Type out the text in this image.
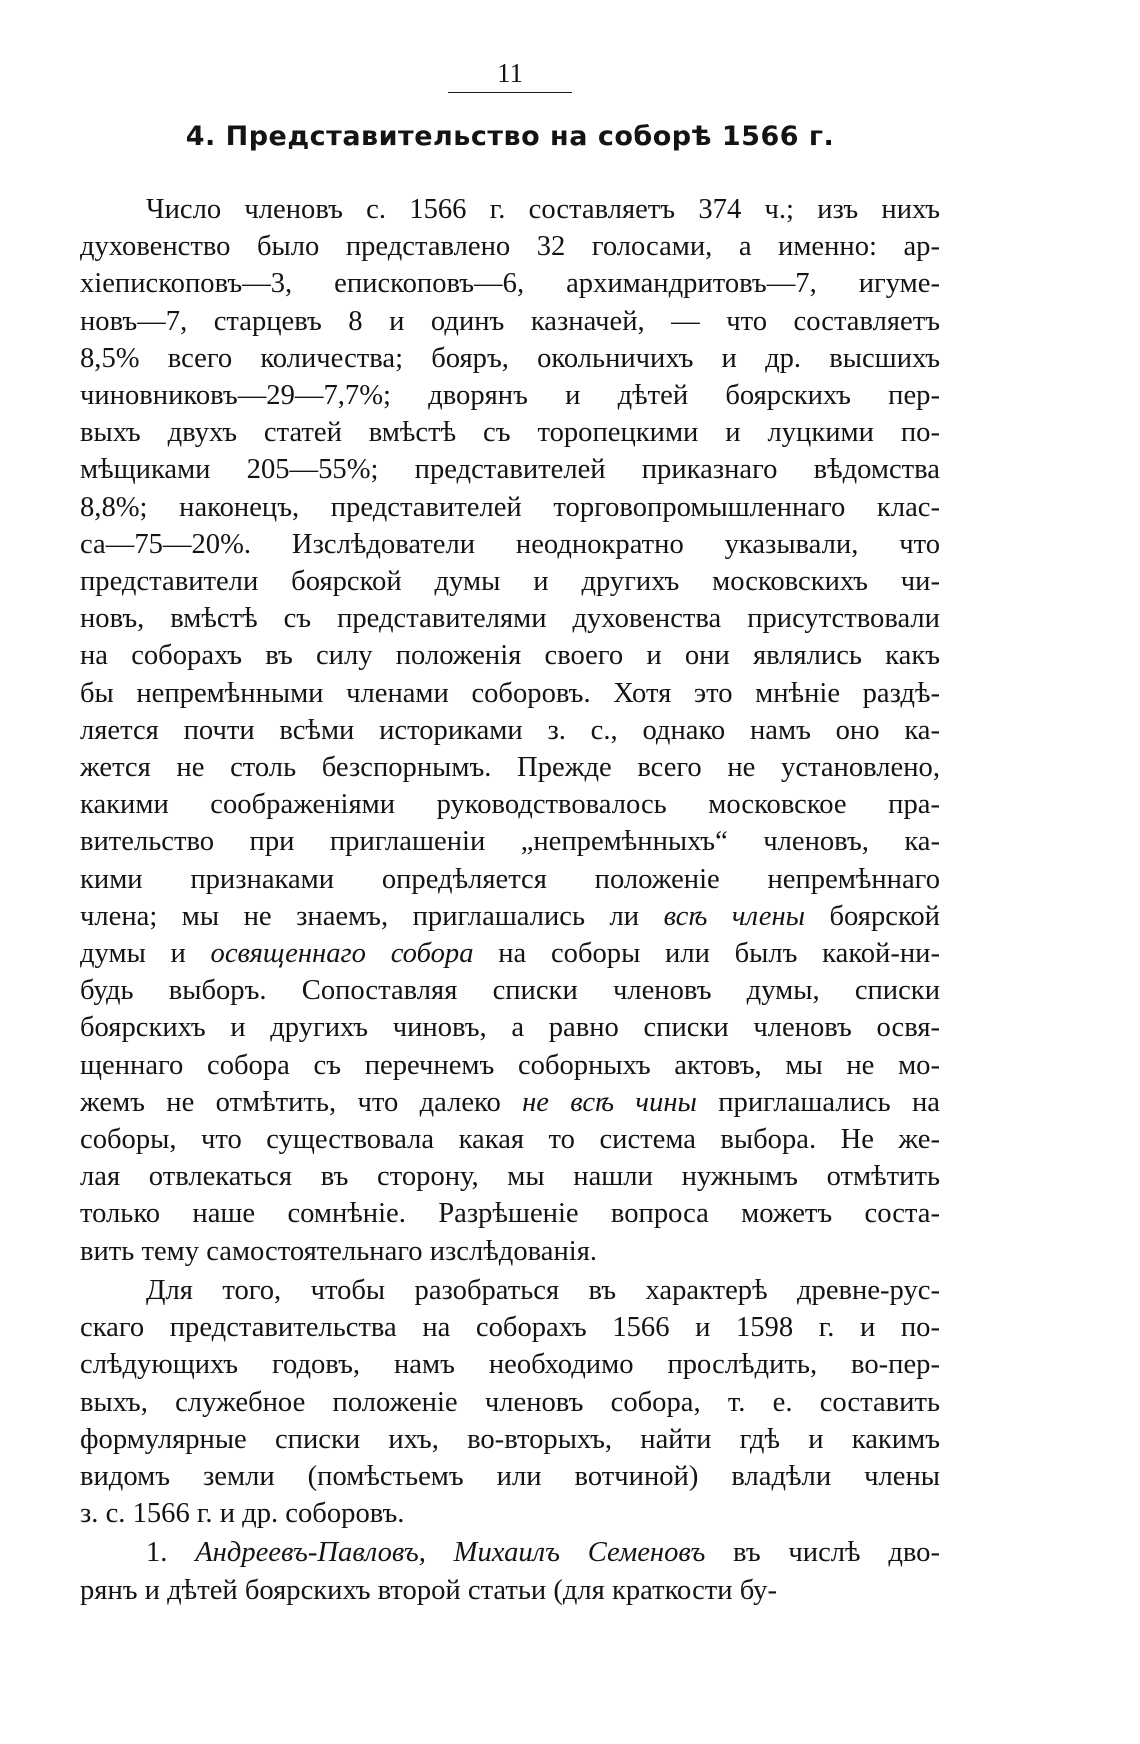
11
4. Представительство на соборѣ 1566 г.
Число членовъ с. 1566 г. составляетъ 374 ч.; изъ нихъ
духовенство было представлено 32 голосами, а именно: ар-
хіепископовъ—3, епископовъ—6, архимандритовъ—7, игуме-
новъ—7, старцевъ 8 и одинъ казначей, — что составляетъ
8,5% всего количества; бояръ, окольничихъ и др. высшихъ
чиновниковъ—29—7,7%; дворянъ и дѣтей боярскихъ пер-
выхъ двухъ статей вмѣстѣ съ торопецкими и луцкими по-
мѣщиками 205—55%; представителей приказнаго вѣдомства
8,8%; наконецъ, представителей торговопромышленнаго клас-
са—75—20%. Изслѣдователи неоднократно указывали, что
представители боярской думы и другихъ московскихъ чи-
новъ, вмѣстѣ съ представителями духовенства присутствовали
на соборахъ въ силу положенія своего и они являлись какъ
бы непремѣнными членами соборовъ. Хотя это мнѣніе раздѣ-
ляется почти всѣми историками з. с., однако намъ оно ка-
жется не столь безспорнымъ. Прежде всего не установлено,
какими соображеніями руководствовалось московское пра-
вительство при приглашеніи „непремѣнныхъ“ членовъ, ка-
кими признаками опредѣляется положеніе непремѣннаго
члена; мы не знаемъ, приглашались ли всѣ члены боярской
думы и освященнаго собора на соборы или былъ какой-ни-
будь выборъ. Сопоставляя списки членовъ думы, списки
боярскихъ и другихъ чиновъ, а равно списки членовъ освя-
щеннаго собора съ перечнемъ соборныхъ актовъ, мы не мо-
жемъ не отмѣтить, что далеко не всѣ чины приглашались на
соборы, что существовала какая то система выбора. Не же-
лая отвлекаться въ сторону, мы нашли нужнымъ отмѣтить
только наше сомнѣніе. Разрѣшеніе вопроса можетъ соста-
вить тему самостоятельнаго изслѣдованія.
Для того, чтобы разобраться въ характерѣ древне-рус-
скаго представительства на соборахъ 1566 и 1598 г. и по-
слѣдующихъ годовъ, намъ необходимо прослѣдить, во-пер-
выхъ, служебное положеніе членовъ собора, т. е. составить
формулярные списки ихъ, во-вторыхъ, найти гдѣ и какимъ
видомъ земли (помѣстьемъ или вотчиной) владѣли члены
з. с. 1566 г. и др. соборовъ.
1. Андреевъ-Павловъ, Михаилъ Семеновъ въ числѣ дво-
рянъ и дѣтей боярскихъ второй статьи (для краткости бу-
